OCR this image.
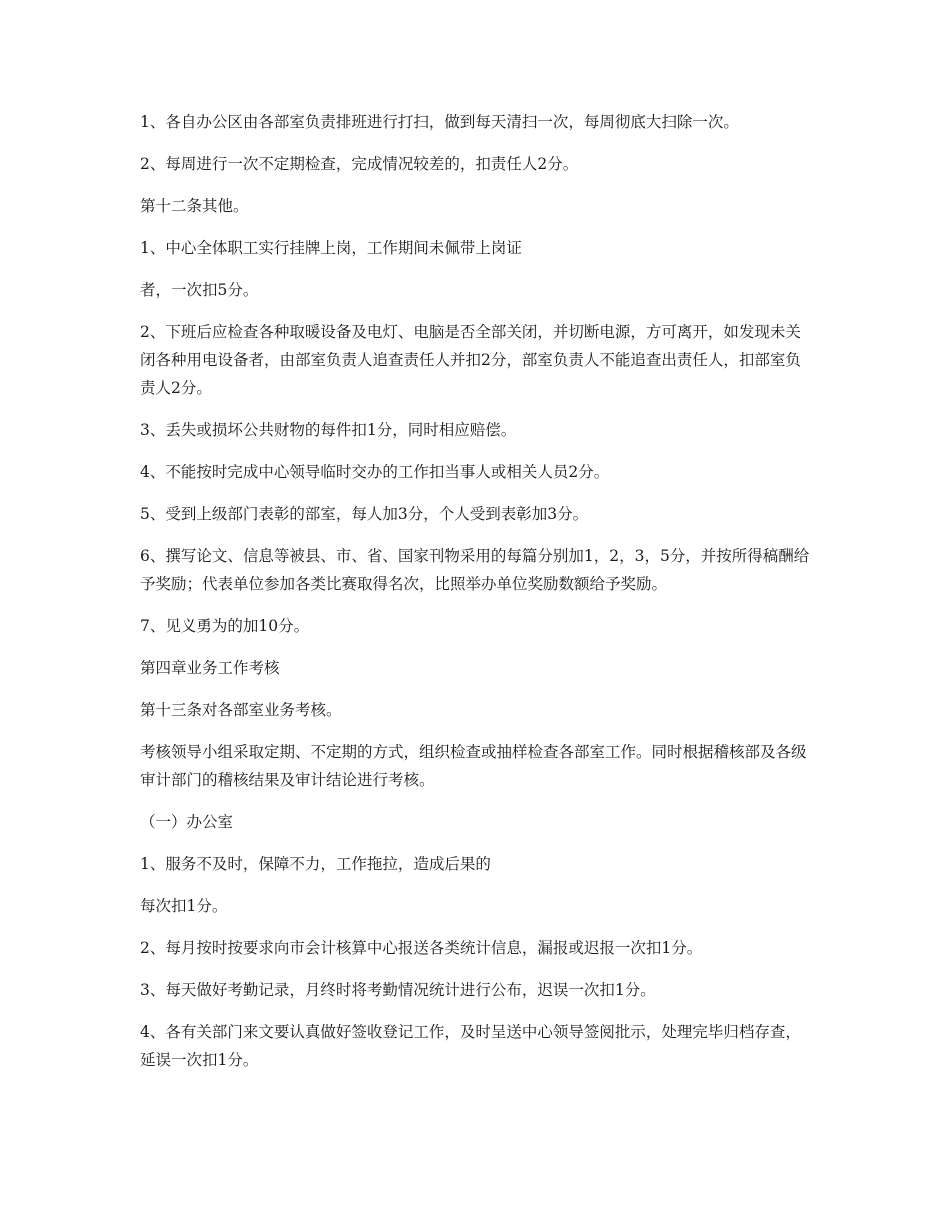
1、各自办公区由各部室负责排班进行打扫，做到每天清扫一次，每周彻底大扫除一次。

2、每周进行一次不定期检查，完成情况较差的，扣责任人2分。

第十二条其他。

1、中心全体职工实行挂牌上岗，工作期间未佩带上岗证

者，一次扣5分。

2、下班后应检查各种取暖设备及电灯、电脑是否全部关闭，并切断电源，方可离开，如发现未关闭各种用电设备者，由部室负责人追查责任人并扣2分，部室负责人不能追查出责任人，扣部室负责人2分。

3、丢失或损坏公共财物的每件扣1分，同时相应赔偿。

4、不能按时完成中心领导临时交办的工作扣当事人或相关人员2分。

5、受到上级部门表彰的部室，每人加3分，个人受到表彰加3分。

6、撰写论文、信息等被县、市、省、国家刊物采用的每篇分别加1，2，3，5分，并按所得稿酬给予奖励；代表单位参加各类比赛取得名次，比照举办单位奖励数额给予奖励。

7、见义勇为的加10分。

第四章业务工作考核

第十三条对各部室业务考核。

考核领导小组采取定期、不定期的方式，组织检查或抽样检查各部室工作。同时根据稽核部及各级审计部门的稽核结果及审计结论进行考核。

（一）办公室

1、服务不及时，保障不力，工作拖拉，造成后果的

每次扣1分。

2、每月按时按要求向市会计核算中心报送各类统计信息，漏报或迟报一次扣1分。

3、每天做好考勤记录，月终时将考勤情况统计进行公布，迟误一次扣1分。

4、各有关部门来文要认真做好签收登记工作，及时呈送中心领导签阅批示，处理完毕归档存查，延误一次扣1分。
